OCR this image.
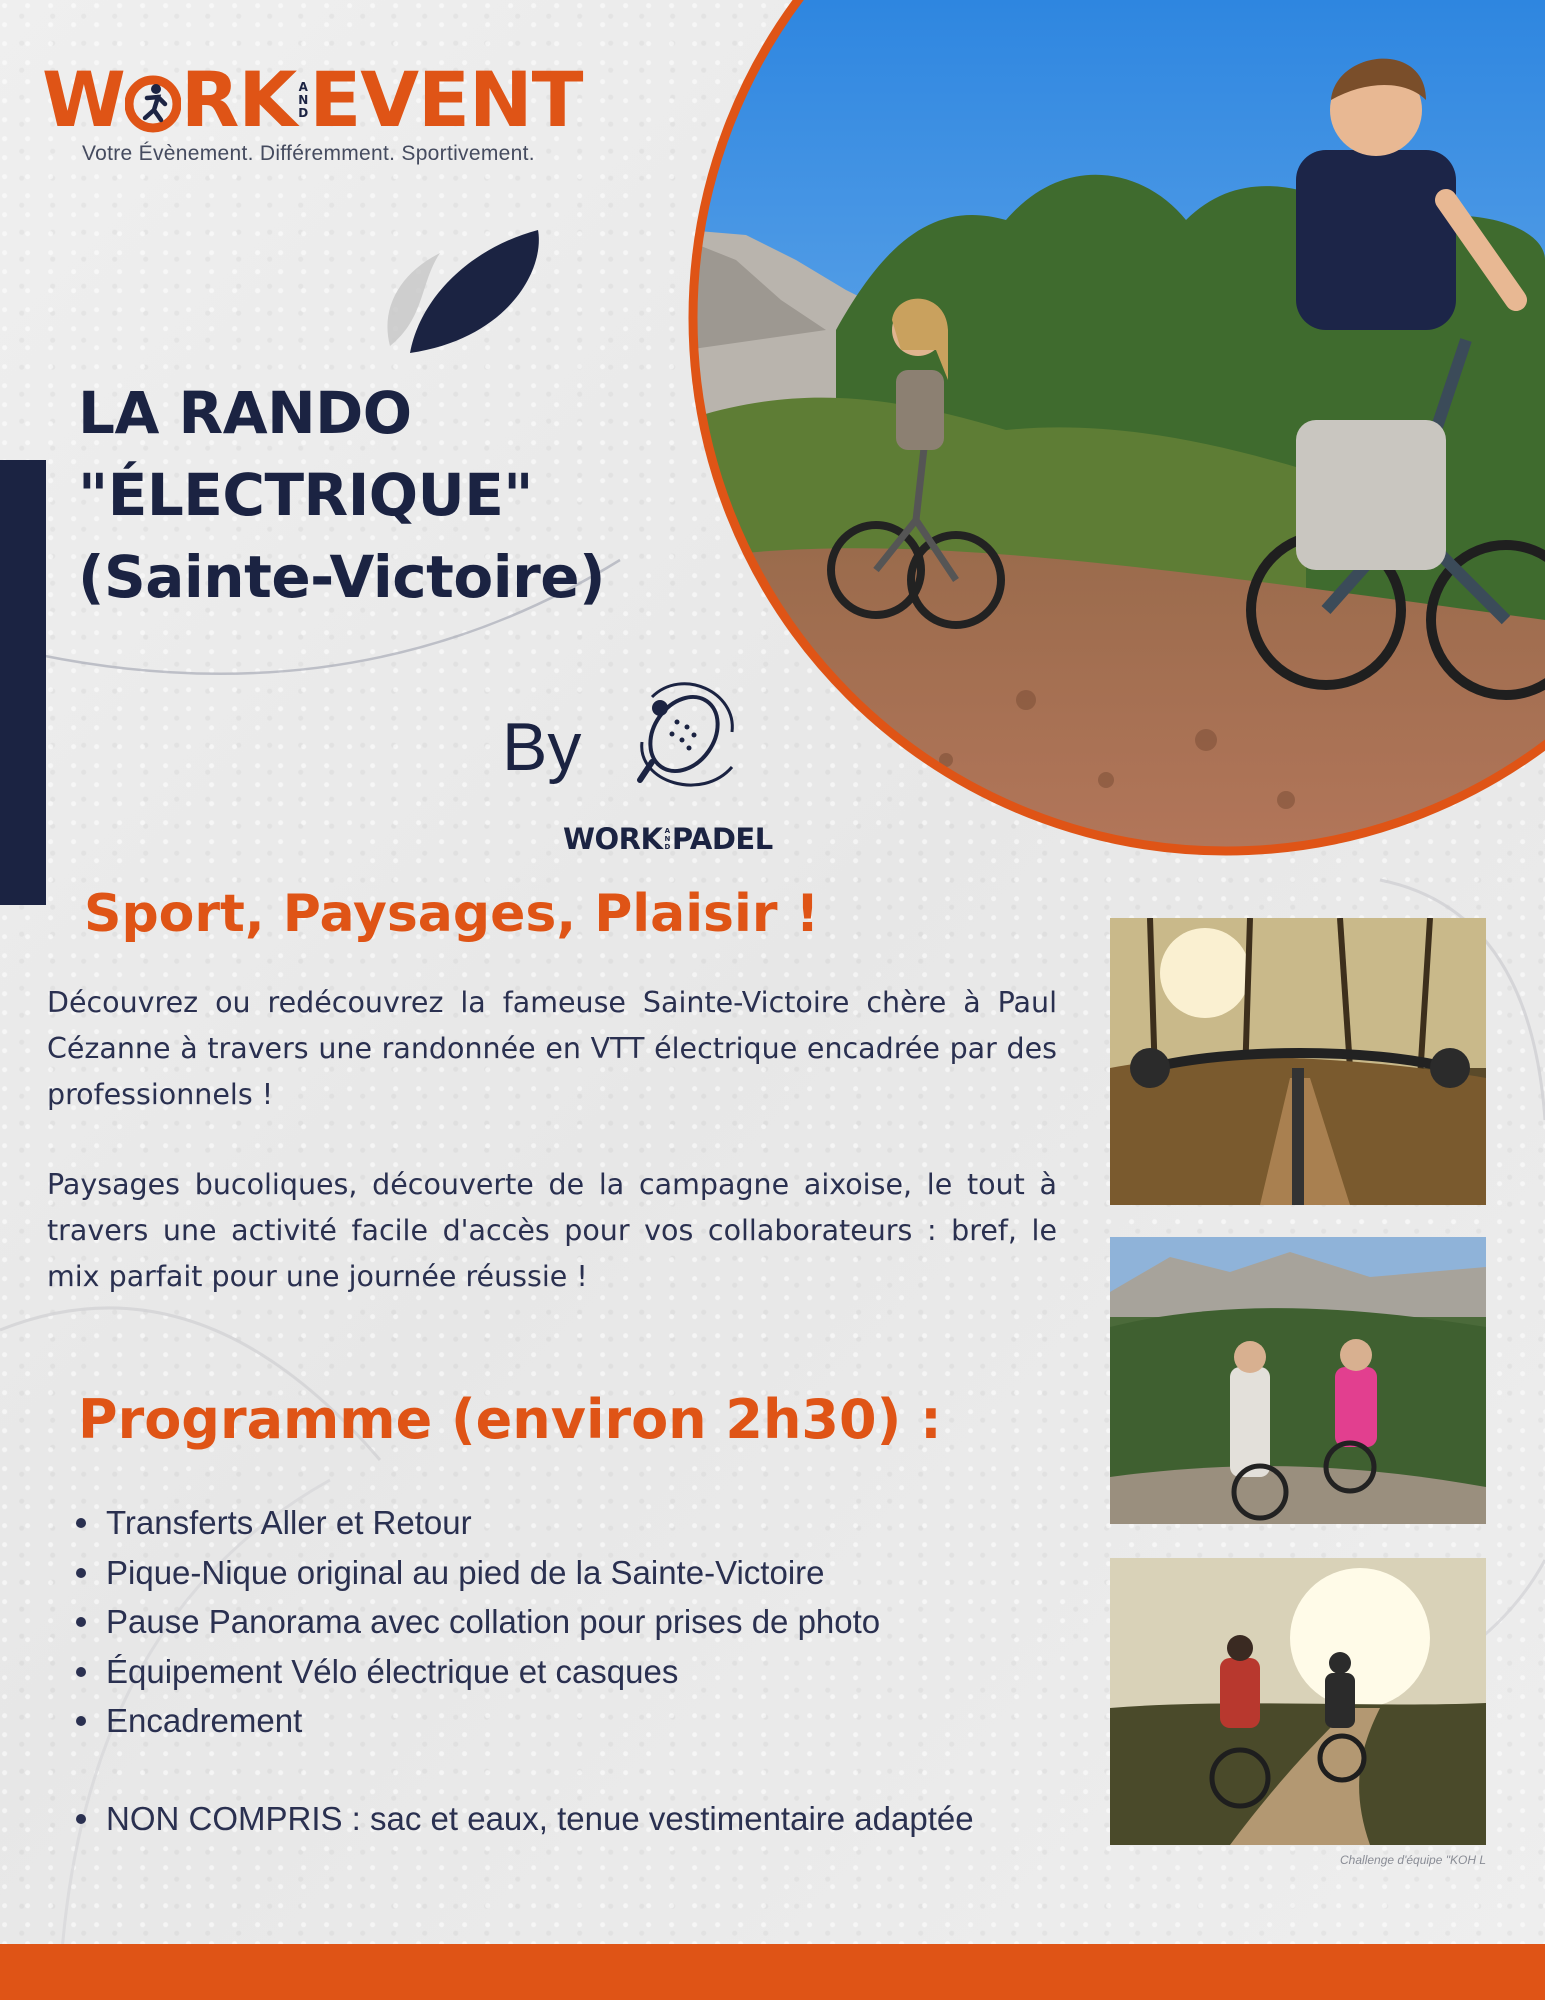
W RK A
N
D EVENT
Votre Évènement. Différemment. Sportivement.
LA RANDO
"ÉLECTRIQUE"
(Sainte-Victoire)
By
WORK A
N
D PADEL
Sport, Paysages, Plaisir !

Découvrez ou redécouvrez la fameuse Sainte-Victoire chère à Paul Cézanne à travers une randonnée en VTT électrique encadrée par des professionnels !

Paysages bucoliques, découverte de la campagne aixoise, le tout à travers une activité facile d'accès pour vos collaborateurs : bref, le mix parfait pour une journée réussie !

Programme (environ 2h30) :
Transferts Aller et Retour
Pique-Nique original au pied de la Sainte-Victoire
Pause Panorama avec collation pour prises de photo
Équipement Vélo électrique et casques
Encadrement
NON COMPRIS : sac et eaux, tenue vestimentaire adaptée
Challenge d'équipe "KOH L
